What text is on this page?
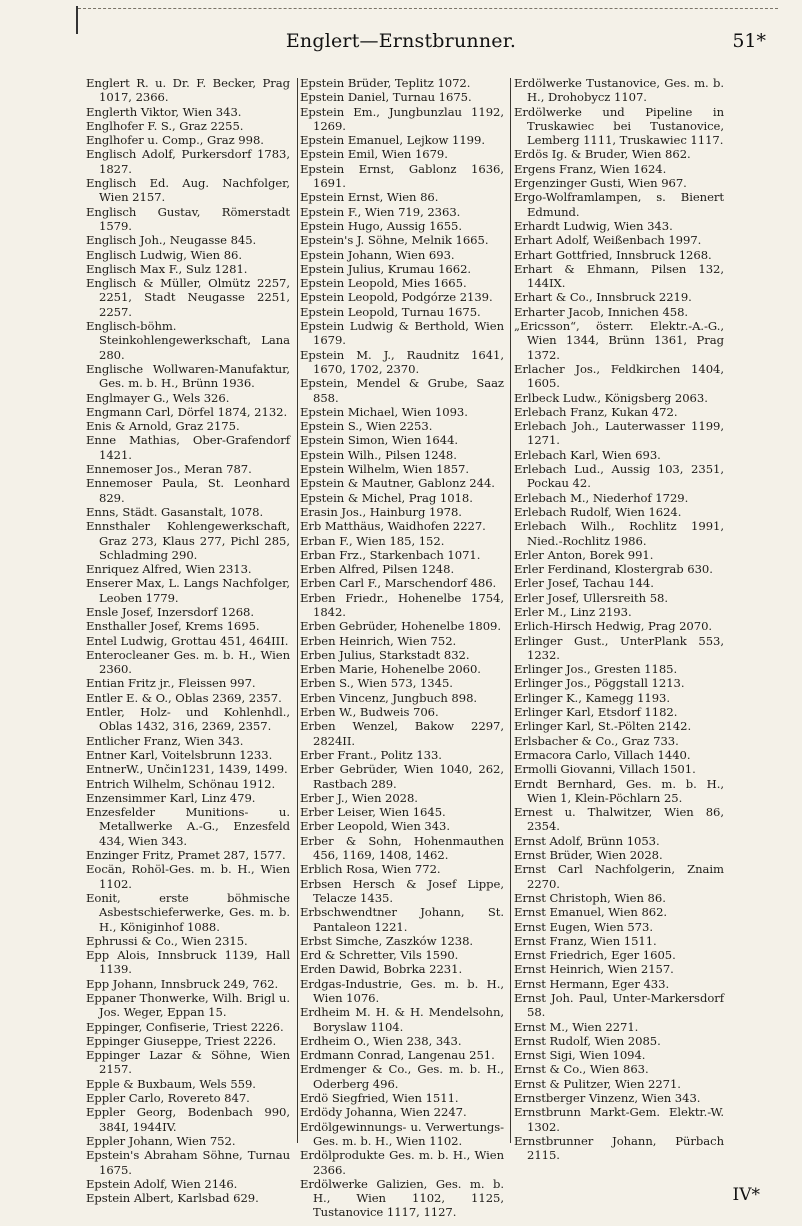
Englert—Ernstbrunner.	51*

Englert R. u. Dr. F. Becker, Prag 1017, 2366.

Englerth Viktor, Wien 343.

Englhofer F. S., Graz 2255.

Englhofer u. Comp., Graz 998.

Englisch Adolf, Purkersdorf 1783, 1827.

Englisch Ed. Aug. Nachfolger, Wien 2157.

Englisch Gustav, Römerstadt 1579.

Englisch Joh., Neugasse 845.

Englisch Ludwig, Wien 86.

Englisch Max F., Sulz 1281.

Englisch & Müller, Olmütz 2257, 2251, Stadt Neugasse 2251, 2257.

Englisch-böhm. Steinkohlengewerkschaft, Lana 280.

Englische Wollwaren-Manufaktur, Ges. m. b. H., Brünn 1936.

Englmayer G., Wels 326.

Engmann Carl, Dörfel 1874, 2132.

Enis & Arnold, Graz 2175.

Enne Mathias, Ober-Grafendorf 1421.

Ennemoser Jos., Meran 787.

Ennemoser Paula, St. Leonhard 829.

Enns, Städt. Gasanstalt, 1078.

Ennsthaler Kohlengewerkschaft, Graz 273, Klaus 277, Pichl 285, Schladming 290.

Enriquez Alfred, Wien 2313.

Enserer Max, L. Langs Nachfolger, Leoben 1779.

Ensle Josef, Inzersdorf 1268.

Ensthaller Josef, Krems 1695.

Entel Ludwig, Grottau 451, 464III.

Enterocleaner Ges. m. b. H., Wien 2360.

Entian Fritz jr., Fleissen 997.

Entler E. & O., Oblas 2369, 2357.

Entler, Holz- und Kohlenhdl., Oblas 1432, 316, 2369, 2357.

Entlicher Franz, Wien 343.

Entner Karl, Voitelsbrunn 1233.

EntnerW., Unčin1231, 1439, 1499.

Entrich Wilhelm, Schönau 1912.

Enzensimmer Karl, Linz 479.

Enzesfelder Munitions- u. Metallwerke A.-G., Enzesfeld 434, Wien 343.

Enzinger Fritz, Pramet 287, 1577.

Eocän, Rohöl-Ges. m. b. H., Wien 1102.

Eonit, erste böhmische Asbestschieferwerke, Ges. m. b. H., Königinhof 1088.

Ephrussi & Co., Wien 2315.

Epp Alois, Innsbruck 1139, Hall 1139.

Epp Johann, Innsbruck 249, 762.

Eppaner Thonwerke, Wilh. Brigl u. Jos. Weger, Eppan 15.

Eppinger, Confiserie, Triest 2226.

Eppinger Giuseppe, Triest 2226.

Eppinger Lazar & Söhne, Wien 2157.

Epple & Buxbaum, Wels 559.

Eppler Carlo, Rovereto 847.

Eppler Georg, Bodenbach 990, 384I, 1944IV.

Eppler Johann, Wien 752.

Epstein's Abraham Söhne, Turnau 1675.

Epstein Adolf, Wien 2146.

Epstein Albert, Karlsbad 629.

Epstein Brüder, Teplitz 1072.

Epstein Daniel, Turnau 1675.

Epstein Em., Jungbunzlau 1192, 1269.

Epstein Emanuel, Lejkow 1199.

Epstein Emil, Wien 1679.

Epstein Ernst, Gablonz 1636, 1691.

Epstein Ernst, Wien 86.

Epstein F., Wien 719, 2363.

Epstein Hugo, Aussig 1655.

Epstein's J. Söhne, Melnik 1665.

Epstein Johann, Wien 693.

Epstein Julius, Krumau 1662.

Epstein Leopold, Mies 1665.

Epstein Leopold, Podgórze 2139.

Epstein Leopold, Turnau 1675.

Epstein Ludwig & Berthold, Wien 1679.

Epstein M. J., Raudnitz 1641, 1670, 1702, 2370.

Epstein, Mendel & Grube, Saaz 858.

Epstein Michael, Wien 1093.

Epstein S., Wien 2253.

Epstein Simon, Wien 1644.

Epstein Wilh., Pilsen 1248.

Epstein Wilhelm, Wien 1857.

Epstein & Mautner, Gablonz 244.

Epstein & Michel, Prag 1018.

Erasin Jos., Hainburg 1978.

Erb Matthäus, Waidhofen 2227.

Erban F., Wien 185, 152.

Erban Frz., Starkenbach 1071.

Erben Alfred, Pilsen 1248.

Erben Carl F., Marschendorf 486.

Erben Friedr., Hohenelbe 1754, 1842.

Erben Gebrüder, Hohenelbe 1809.

Erben Heinrich, Wien 752.

Erben Julius, Starkstadt 832.

Erben Marie, Hohenelbe 2060.

Erben S., Wien 573, 1345.

Erben Vincenz, Jungbuch 898.

Erben W., Budweis 706.

Erben Wenzel, Bakow 2297, 2824II.

Erber Frant., Politz 133.

Erber Gebrüder, Wien 1040, 262, Rastbach 289.

Erber J., Wien 2028.

Erber Leiser, Wien 1645.

Erber Leopold, Wien 343.

Erber & Sohn, Hohenmauthen 456, 1169, 1408, 1462.

Erblich Rosa, Wien 772.

Erbsen Hersch & Josef Lippe, Telacze 1435.

Erbschwendtner Johann, St. Pantaleon 1221.

Erbst Simche, Zaszków 1238.

Erd & Schretter, Vils 1590.

Erden Dawid, Bobrka 2231.

Erdgas-Industrie, Ges. m. b. H., Wien 1076.

Erdheim M. H. & H. Mendelsohn, Boryslaw 1104.

Erdheim O., Wien 238, 343.

Erdmann Conrad, Langenau 251.

Erdmenger & Co., Ges. m. b. H., Oderberg 496.

Erdö Siegfried, Wien 1511.

Erdödy Johanna, Wien 2247.

Erdölgewinnungs- u. Verwertungs-Ges. m. b. H., Wien 1102.

Erdölprodukte Ges. m. b. H., Wien 2366.

Erdölwerke Galizien, Ges. m. b. H., Wien 1102, 1125, Tustanovice 1117, 1127.

Erdölwerke Tustanovice, Ges. m. b. H., Drohobycz 1107.

Erdölwerke und Pipeline in Truskawiec bei Tustanovice, Lemberg 1111, Truskawiec 1117.

Erdös Ig. & Bruder, Wien 862.

Ergens Franz, Wien 1624.

Ergenzinger Gusti, Wien 967.

Ergo-Wolframlampen, s. Bienert Edmund.

Erhardt Ludwig, Wien 343.

Erhart Adolf, Weißenbach 1997.

Erhart Gottfried, Innsbruck 1268.

Erhart & Ehmann, Pilsen 132, 144IX.

Erhart & Co., Innsbruck 2219.

Erharter Jacob, Innichen 458.

„Ericsson“, österr. Elektr.-A.-G., Wien 1344, Brünn 1361, Prag 1372.

Erlacher Jos., Feldkirchen 1404, 1605.

Erlbeck Ludw., Königsberg 2063.

Erlebach Franz, Kukan 472.

Erlebach Joh., Lauterwasser 1199, 1271.

Erlebach Karl, Wien 693.

Erlebach Lud., Aussig 103, 2351, Pockau 42.

Erlebach M., Niederhof 1729.

Erlebach Rudolf, Wien 1624.

Erlebach Wilh., Rochlitz 1991, Nied.-Rochlitz 1986.

Erler Anton, Borek 991.

Erler Ferdinand, Klostergrab 630.

Erler Josef, Tachau 144.

Erler Josef, Ullersreith 58.

Erler M., Linz 2193.

Erlich-Hirsch Hedwig, Prag 2070.

Erlinger Gust., UnterPlank 553, 1232.

Erlinger Jos., Gresten 1185.

Erlinger Jos., Pöggstall 1213.

Erlinger K., Kamegg 1193.

Erlinger Karl, Etsdorf 1182.

Erlinger Karl, St.-Pölten 2142.

Erlsbacher & Co., Graz 733.

Ermacora Carlo, Villach 1440.

Ermolli Giovanni, Villach 1501.

Erndt Bernhard, Ges. m. b. H., Wien 1, Klein-Pöchlarn 25.

Ernest u. Thalwitzer, Wien 86, 2354.

Ernst Adolf, Brünn 1053.

Ernst Brüder, Wien 2028.

Ernst Carl Nachfolgerin, Znaim 2270.

Ernst Christoph, Wien 86.

Ernst Emanuel, Wien 862.

Ernst Eugen, Wien 573.

Ernst Franz, Wien 1511.

Ernst Friedrich, Eger 1605.

Ernst Heinrich, Wien 2157.

Ernst Hermann, Eger 433.

Ernst Joh. Paul, Unter-Markersdorf 58.

Ernst M., Wien 2271.

Ernst Rudolf, Wien 2085.

Ernst Sigi, Wien 1094.

Ernst & Co., Wien 863.

Ernst & Pulitzer, Wien 2271.

Ernstberger Vinzenz, Wien 343.

Ernstbrunn Markt-Gem. Elektr.-W. 1302.

Ernstbrunner Johann, Pürbach 2115.

IV*
